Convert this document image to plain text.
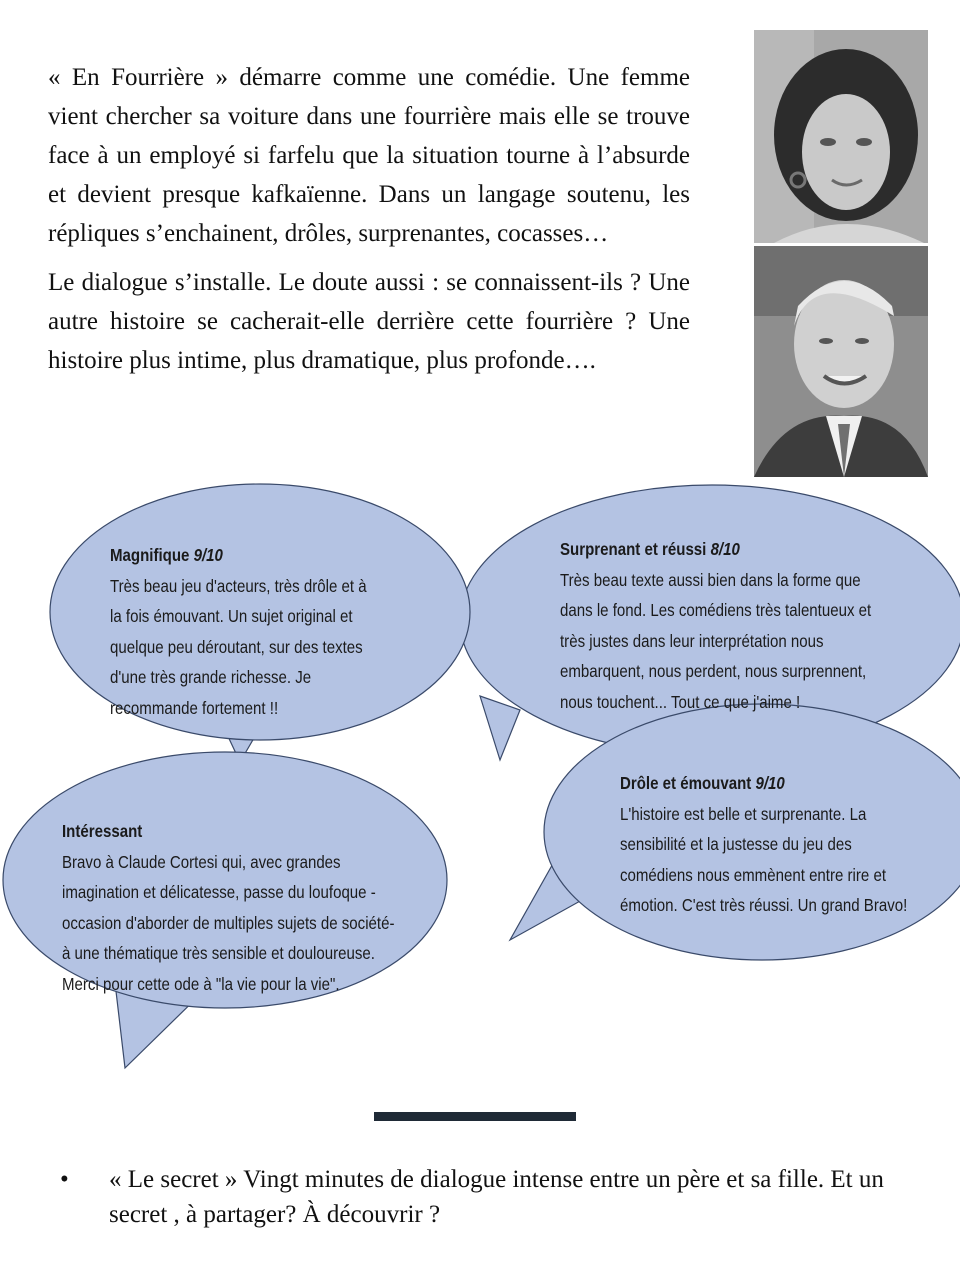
« En Fourrière » démarre comme une comédie. Une femme vient chercher sa voiture dans une fourrière mais elle se trouve face à un employé si farfelu que la situation tourne à l’absurde et devient presque kafkaïenne. Dans un langage soutenu, les répliques s’enchainent, drôles, surprenantes, cocasses…

Le dialogue s’installe. Le doute aussi : se connaissent-ils ? Une autre histoire se cacherait-elle derrière cette fourrière ? Une histoire plus intime, plus dramatique, plus profonde….

Magnifique 9/10
Très beau jeu d'acteurs, très drôle et à
la fois émouvant. Un sujet original et
quelque peu déroutant, sur des textes
d'une très grande richesse. Je
recommande fortement !!
Surprenant et réussi 8/10
Très beau texte aussi bien dans la forme que
dans le fond. Les comédiens très talentueux et
très justes dans leur interprétation nous
embarquent, nous perdent, nous surprennent,
nous touchent... Tout ce que j'aime !
Intéressant
Bravo à Claude Cortesi qui, avec grandes
imagination et délicatesse, passe du loufoque -
occasion d'aborder de multiples sujets de société-
à une thématique très sensible et douloureuse.
Merci pour cette ode à "la vie pour la vie".
Drôle et émouvant 9/10
L'histoire est belle et surprenante. La
sensibilité et la justesse du jeu des
comédiens nous emmènent entre rire et
émotion. C'est très réussi. Un grand Bravo!
• « Le secret » Vingt minutes de dialogue intense entre un père et sa fille. Et un secret , à partager? À découvrir ?
